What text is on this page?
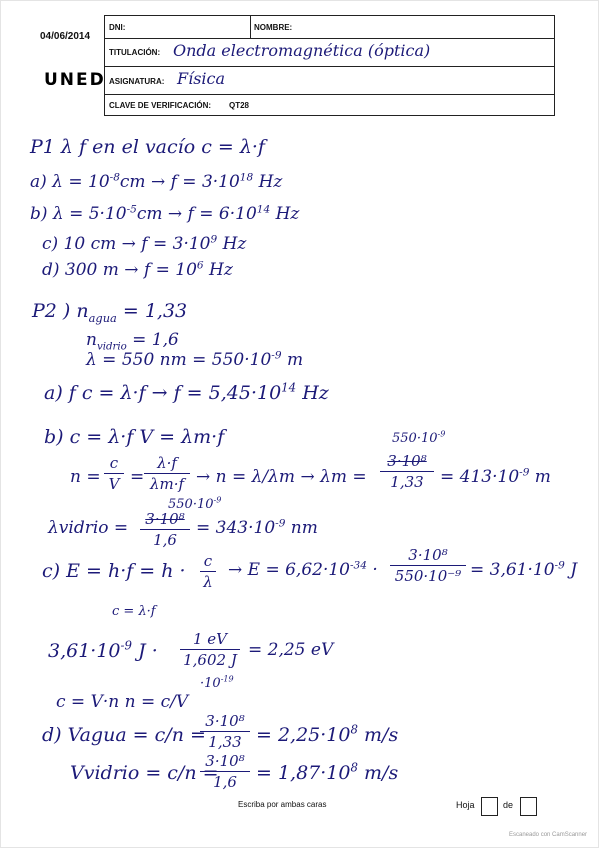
04/06/2014
UNED
DNI:	NOMBRE:
TITULACIÓN: Onda electromagnética (óptica)
ASIGNATURA: Física
CLAVE DE VERIFICACIÓN: QT28
P1 λ f en el vacío c = λ·f
a) $\lambda = 10^{-8}cm \to f = 3\cdot 10^{18}$ Hz
b) $\lambda = 5\cdot 10^{-5}cm \to f = 6\cdot 10^{14}$ Hz
c) 10 cm → $f = 3\cdot 10^9$ Hz
d) 300 $m \to f = 10^6$ Hz
P2 ) $n_{agua} = 1,33$
$n_{vidrio} = 1,6$
λ = 550 nm = $550\cdot 10^{-9}$ m
a) f $c = \lambda\cdot f \to f = 5,45\cdot 10^{14}$ Hz
b) c = λ·f V = λm·f
$n = \frac{c}{V} = \frac{\lambda\cdot f}{\lambda m\cdot f} \to n = \lambda/\lambda m \to \lambda m$ =
$550\cdot 10^{-9}$
$\frac{\text{3·10⁸}}{1,33} = 413\cdot 10^{-9}$ m
λvidrio =
$550\cdot 10^{-9}$
$\frac{\text{3·10⁸}}{1,6} = 343\cdot 10^{-9}$ nm
c) $E = h\cdot f = h \cdot \frac{c}{\lambda} \to E = 6,62\cdot 10^{-34} \cdot \frac{\text{3·10⁸}}{\text{550·10⁻⁹}} = 3,61\cdot 10^{-9}$ J
c = λ·f
$3,61\cdot 10^{-9}$ $J \cdot \frac{1 eV}{1,602 J} = 2,25$ eV
$\cdot 10^{-19}$
c = V·n n = c/V
d) Vagua = c/n =
$\frac{\text{3·10⁸}}{1,33} = 2,25\cdot 10^8$ m/s
Vvidrio = c/n =
$\frac{\text{3·10⁸}}{1,6} = 1,87\cdot 10^8$ m/s
Escriba por ambas caras	Hoja	de
Escaneado con CamScanner
